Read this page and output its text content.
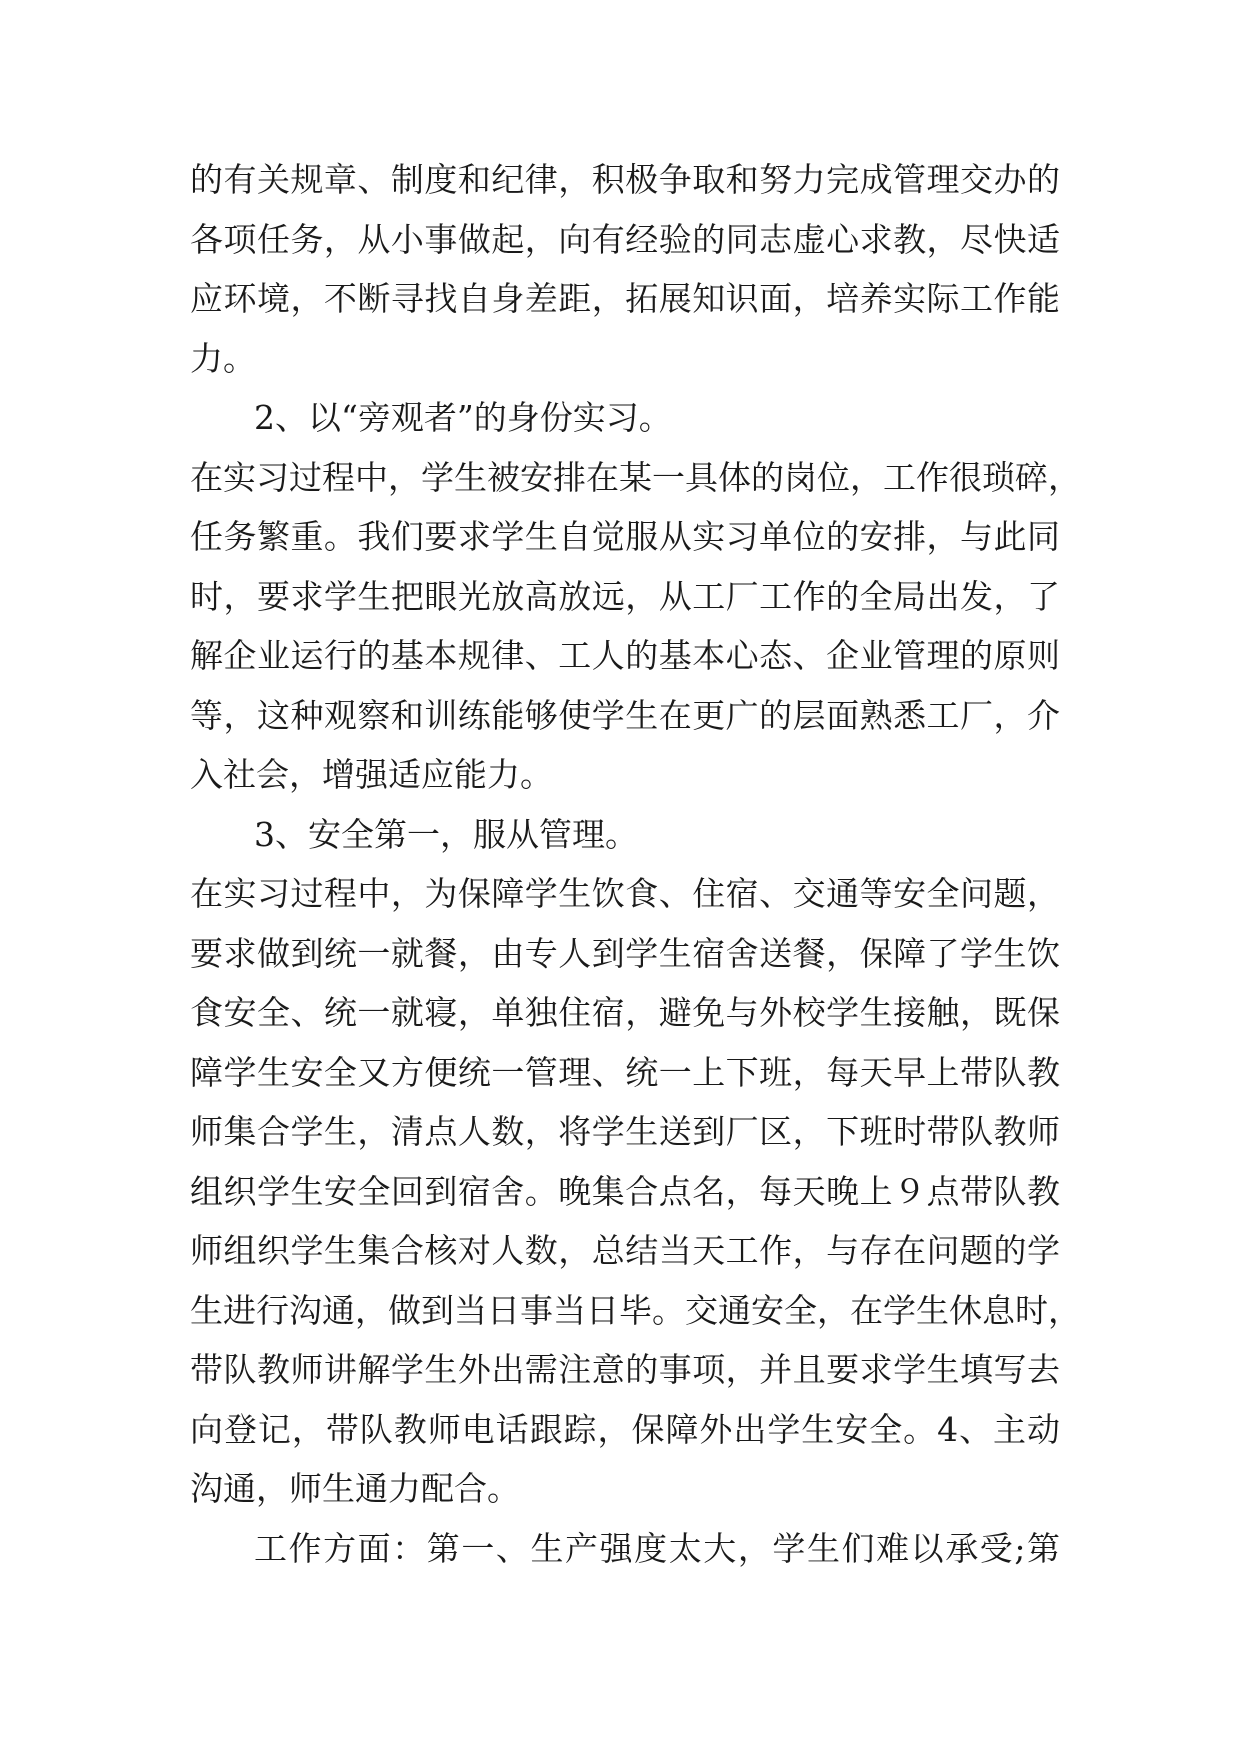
的有关规章、制度和纪律，积极争取和努力完成管理交办的
各项任务，从小事做起，向有经验的同志虚心求教，尽快适
应环境，不断寻找自身差距，拓展知识面，培养实际工作能
力。
2、以“旁观者”的身份实习。
在实习过程中，学生被安排在某一具体的岗位，工作很琐碎，
任务繁重。我们要求学生自觉服从实习单位的安排，与此同
时，要求学生把眼光放高放远，从工厂工作的全局出发，了
解企业运行的基本规律、工人的基本心态、企业管理的原则
等，这种观察和训练能够使学生在更广的层面熟悉工厂，介
入社会，增强适应能力。
3、安全第一，服从管理。
在实习过程中，为保障学生饮食、住宿、交通等安全问题，
要求做到统一就餐，由专人到学生宿舍送餐，保障了学生饮
食安全、统一就寝，单独住宿，避免与外校学生接触，既保
障学生安全又方便统一管理、统一上下班，每天早上带队教
师集合学生，清点人数，将学生送到厂区，下班时带队教师
组织学生安全回到宿舍。晚集合点名，每天晚上９点带队教
师组织学生集合核对人数，总结当天工作，与存在问题的学
生进行沟通，做到当日事当日毕。交通安全，在学生休息时，
带队教师讲解学生外出需注意的事项，并且要求学生填写去
向登记，带队教师电话跟踪，保障外出学生安全。4、主动
沟通，师生通力配合。
工作方面：第一、生产强度太大，学生们难以承受;第
